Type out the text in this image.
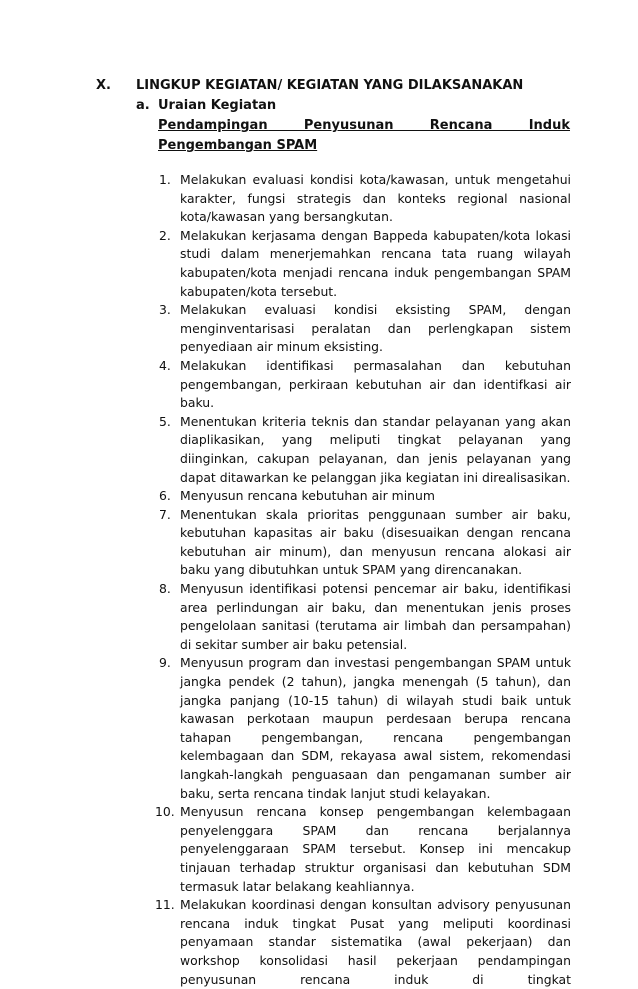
X. LINGKUP KEGIATAN/ KEGIATAN YANG DILAKSANAKAN
a. Uraian Kegiatan
Pendampingan Penyusunan Rencana Induk Pengembangan SPAM
1. Melakukan evaluasi kondisi kota/kawasan, untuk mengetahui karakter, fungsi strategis dan konteks regional nasional kota/kawasan yang bersangkutan.
2. Melakukan kerjasama dengan Bappeda kabupaten/kota lokasi studi dalam menerjemahkan rencana tata ruang wilayah kabupaten/kota menjadi rencana induk pengembangan SPAM kabupaten/kota tersebut.
3. Melakukan evaluasi kondisi eksisting SPAM, dengan menginventarisasi peralatan dan perlengkapan sistem penyediaan air minum eksisting.
4. Melakukan identifikasi permasalahan dan kebutuhan pengembangan, perkiraan kebutuhan air dan identifkasi air baku.
5. Menentukan kriteria teknis dan standar pelayanan yang akan diaplikasikan, yang meliputi tingkat pelayanan yang diinginkan, cakupan pelayanan, dan jenis pelayanan yang dapat ditawarkan ke pelanggan jika kegiatan ini direalisasikan.
6. Menyusun rencana kebutuhan air minum
7. Menentukan skala prioritas penggunaan sumber air baku, kebutuhan kapasitas air baku (disesuaikan dengan rencana kebutuhan air minum), dan menyusun rencana alokasi air baku yang dibutuhkan untuk SPAM yang direncanakan.
8. Menyusun identifikasi potensi pencemar air baku, identifikasi area perlindungan air baku, dan menentukan jenis proses pengelolaan sanitasi (terutama air limbah dan persampahan) di sekitar sumber air baku petensial.
9. Menyusun program dan investasi pengembangan SPAM untuk jangka pendek (2 tahun), jangka menengah (5 tahun), dan jangka panjang (10-15 tahun) di wilayah studi baik untuk kawasan perkotaan maupun perdesaan berupa rencana tahapan pengembangan, rencana pengembangan kelembagaan dan SDM, rekayasa awal sistem, rekomendasi langkah-langkah penguasaan dan pengamanan sumber air baku, serta rencana tindak lanjut studi kelayakan.
10. Menyusun rencana konsep pengembangan kelembagaan penyelenggara SPAM dan rencana berjalannya penyelenggaraan SPAM tersebut. Konsep ini mencakup tinjauan terhadap struktur organisasi dan kebutuhan SDM termasuk latar belakang keahliannya.
11. Melakukan koordinasi dengan konsultan advisory penyusunan rencana induk tingkat Pusat yang meliputi koordinasi penyamaan standar sistematika (awal pekerjaan) dan workshop konsolidasi hasil pekerjaan pendampingan penyusunan rencana induk di tingkat
